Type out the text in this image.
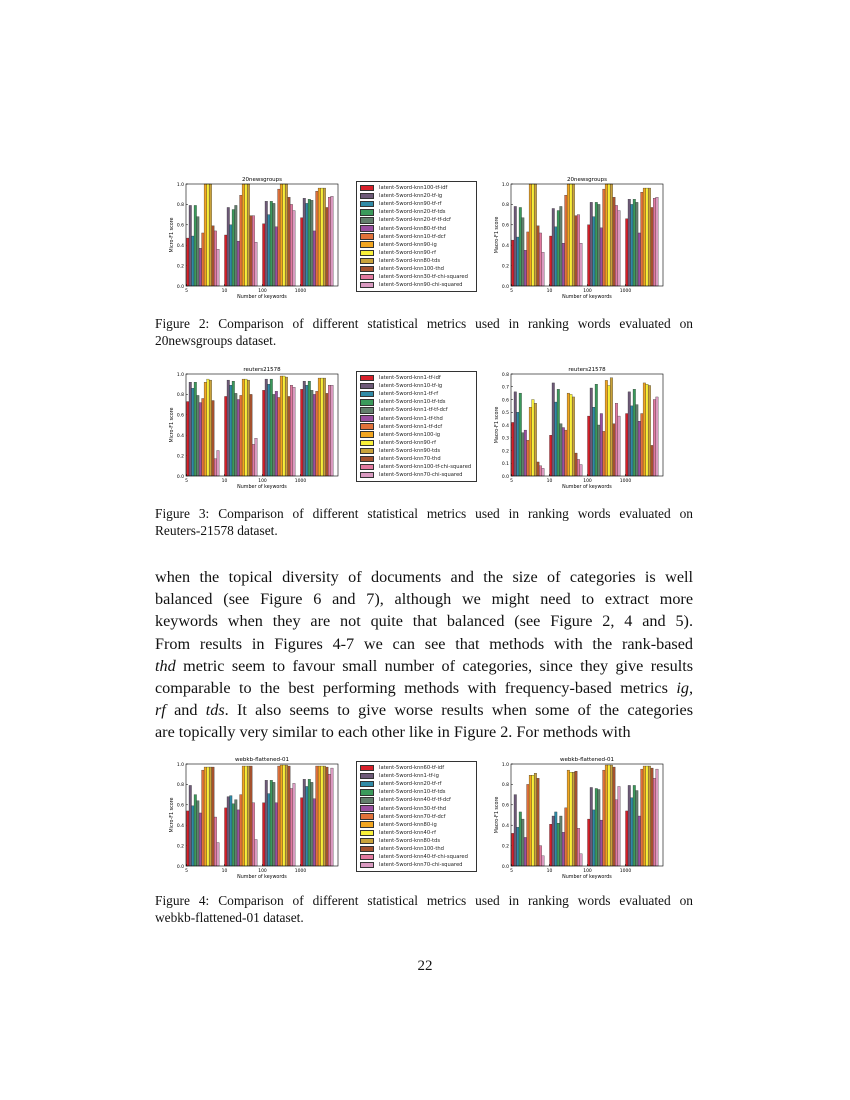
20newsgroups
0.0
0.2
0.4
0.6
0.8
1.0
Micro-F1 score
5	10	100	1000
Number of keywords
latent-5word-knn100-tf-idf
latent-5word-knn20-tf-ig
latent-5word-knn90-tf-rf
latent-5word-knn20-tf-tds
latent-5word-knn20-tf-tf-dcf
latent-5word-knn80-tf-thd
latent-5word-knn10-tf-dcf
latent-5word-knn90-ig
latent-5word-knn90-rf
latent-5word-knn80-tds
latent-5word-knn100-thd
latent-5word-knn30-tf-chi-squared
latent-5word-knn90-chi-squared
20newsgroups
0.0
0.2
0.4
0.6
0.8
1.0
Macro-F1 score
5	10	100	1000
Number of keywords
Figure 2: Comparison of different statistical metrics used in ranking words evaluated on
20newsgroups dataset.
reuters21578
0.0
0.2
0.4
0.6
0.8
1.0
Micro-F1 score
5	10	100	1000
Number of keywords
latent-5word-knn1-tf-idf
latent-5word-knn10-tf-ig
latent-5word-knn1-tf-rf
latent-5word-knn10-tf-tds
latent-5word-knn1-tf-tf-dcf
latent-5word-knn1-tf-thd
latent-5word-knn1-tf-dcf
latent-5word-knn100-ig
latent-5word-knn90-rf
latent-5word-knn90-tds
latent-5word-knn70-thd
latent-5word-knn100-tf-chi-squared
latent-5word-knn70-chi-squared
reuters21578
0.0
0.1
0.2
0.3
0.4
0.5
0.6
0.7
0.8
Macro-F1 score
5	10	100	1000
Number of keywords
Figure 3: Comparison of different statistical metrics used in ranking words evaluated on
Reuters-21578 dataset.
when the topical diversity of documents and the size of categories is well
balanced (see Figure 6 and 7), although we might need to extract more
keywords when they are not quite that balanced (see Figure 2, 4 and 5).
From results in Figures 4-7 we can see that methods with the rank-based
thd metric seem to favour small number of categories, since they give results
comparable to the best performing methods with frequency-based metrics ig,
rf and tds. It also seems to give worse results when some of the categories
are topically very similar to each other like in Figure 2. For methods with
webkb-flattened-01
0.0
0.2
0.4
0.6
0.8
1.0
Micro-F1 score
5	10	100	1000
Number of keywords
latent-5word-knn60-tf-idf
latent-5word-knn1-tf-ig
latent-5word-knn20-tf-rf
latent-5word-knn10-tf-tds
latent-5word-knn40-tf-tf-dcf
latent-5word-knn30-tf-thd
latent-5word-knn70-tf-dcf
latent-5word-knn80-ig
latent-5word-knn40-rf
latent-5word-knn80-tds
latent-5word-knn100-thd
latent-5word-knn40-tf-chi-squared
latent-5word-knn70-chi-squared
webkb-flattened-01
0.0
0.2
0.4
0.6
0.8
1.0
Macro-F1 score
5	10	100	1000
Number of keywords
Figure 4: Comparison of different statistical metrics used in ranking words evaluated on
webkb-flattened-01 dataset.
22
